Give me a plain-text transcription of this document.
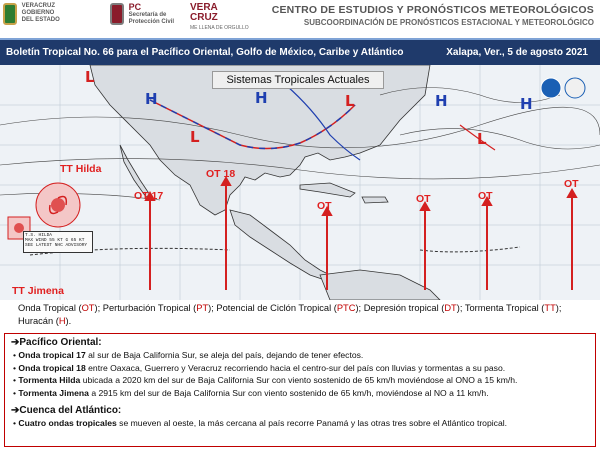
VERACRUZ
GOBIERNO
DEL ESTADO

PC
Secretaría de
Protección Civil
VERA
CRUZ
ME LLENA DE ORGULLO
CENTRO DE ESTUDIOS Y PRONÓSTICOS METEOROLÓGICOS
SUBCOORDINACIÓN DE PRONÓSTICOS ESTACIONAL Y METEOROLÓGICO
Boletín Tropical No. 66 para el Pacífico Oriental, Golfo de México, Caribe y Atlántico	Xalapa, Ver., 5 de agosto 2021
Sistemas Tropicales Actuales
L
H
L
H	L	H	H
L
TT Hilda
TT Jimena
OT 17
OT 18
OT
OT	OT
OT
T.S. HILDA
MAX WIND 55 KT G 65 KT
SEE LATEST NHC ADVISORY
Onda Tropical (OT); Perturbación Tropical (PT); Potencial de Ciclón Tropical (PTC); Depresión tropical (DT); Tormenta Tropical (TT); Huracán (H).
➔Pacífico Oriental:
• Onda tropical 17 al sur de Baja California Sur, se aleja del país, dejando de tener efectos.
• Onda tropical 18 entre Oaxaca, Guerrero y Veracruz recorriendo hacia el centro-sur del país con lluvias y tormentas a su paso.
• Tormenta Hilda ubicada a 2020 km del sur de Baja California Sur con viento sostenido de 65 km/h moviéndose al ONO a 15 km/h.
• Tormenta Jimena a 2915 km del sur de Baja California Sur con viento sostenido de 65 km/h, moviéndose al NO a 11 km/h.
➔Cuenca del Atlántico:
• Cuatro ondas tropicales se mueven al oeste, la más cercana al país recorre Panamá y las otras tres sobre el Atlántico tropical.
